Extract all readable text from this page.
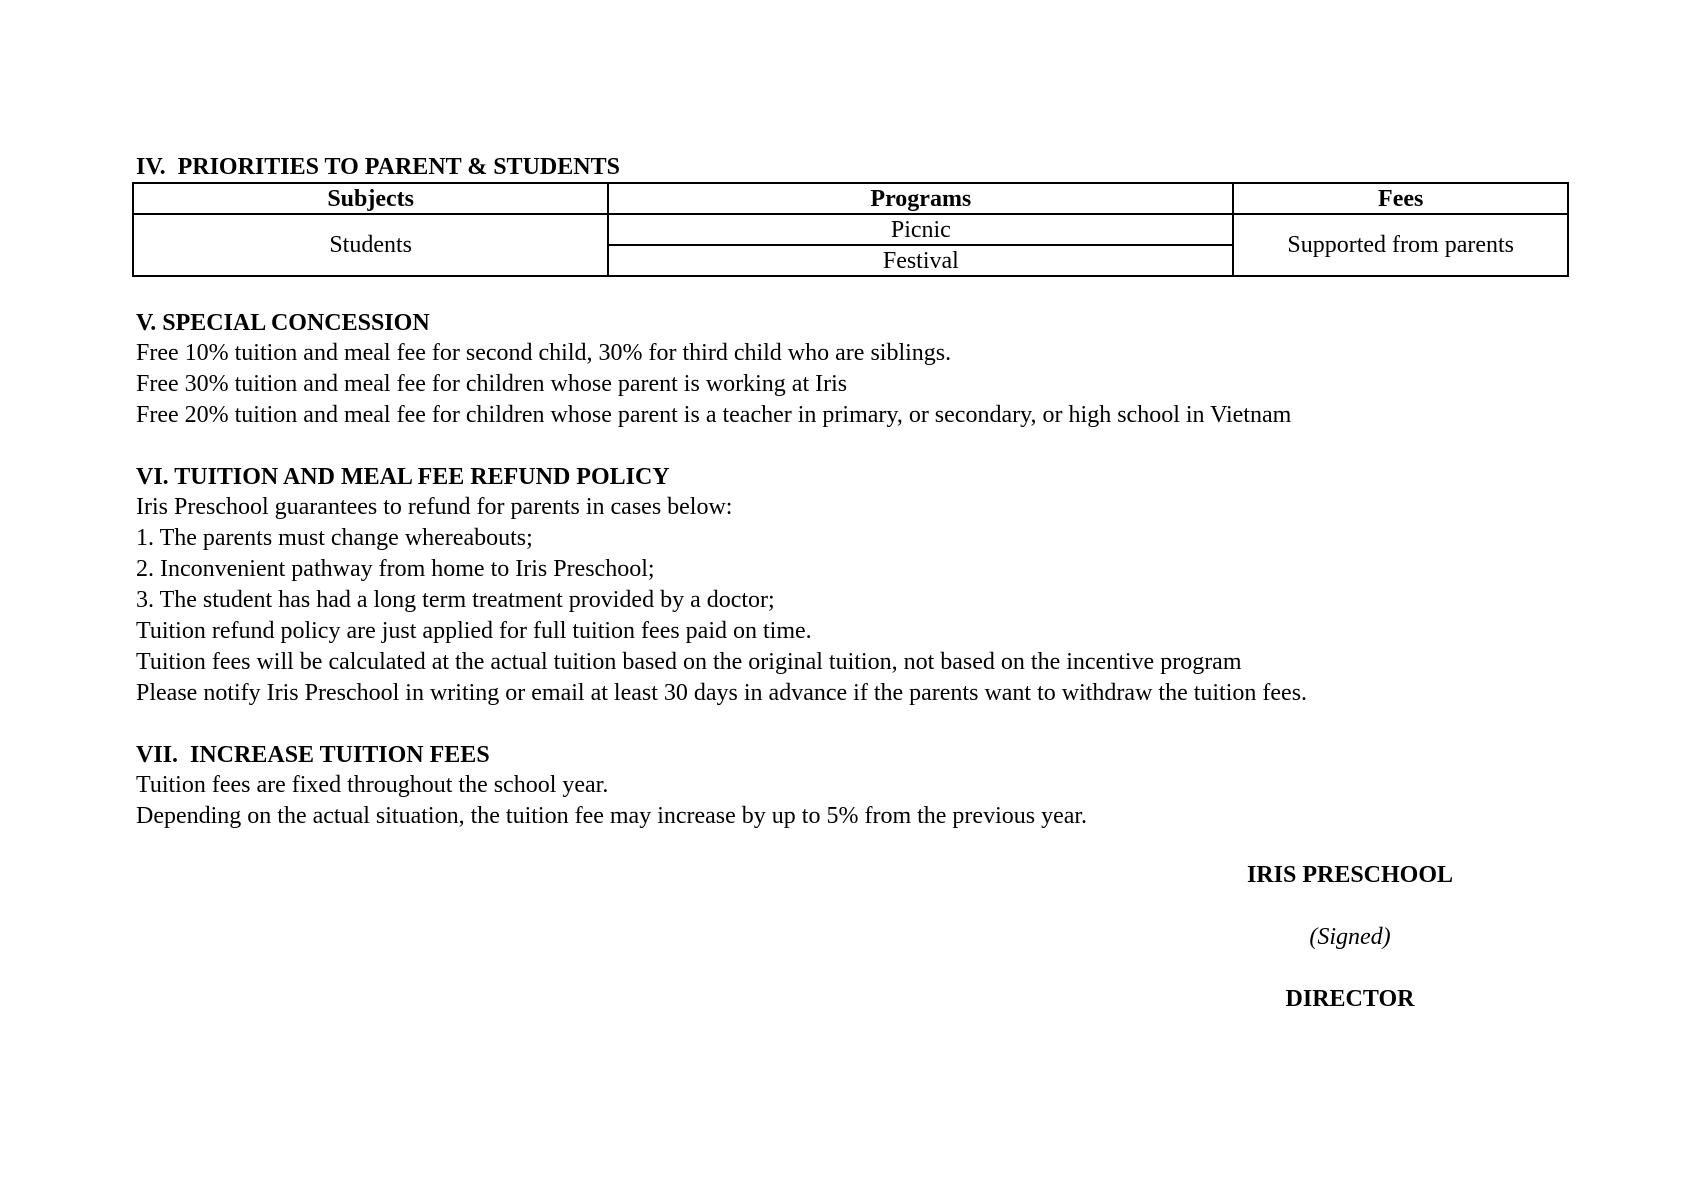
IV.  PRIORITIES TO PARENT & STUDENTS
Subjects	Programs	Fees
Students	Picnic	Supported from parents
	Festival	
V. SPECIAL CONCESSION

Free 10% tuition and meal fee for second child, 30% for third child who are siblings.

Free 30% tuition and meal fee for children whose parent is working at Iris

Free 20% tuition and meal fee for children whose parent is a teacher in primary, or secondary, or high school in Vietnam

VI. TUITION AND MEAL FEE REFUND POLICY

Iris Preschool guarantees to refund for parents in cases below:

1. The parents must change whereabouts;

2. Inconvenient pathway from home to Iris Preschool;

3. The student has had a long term treatment provided by a doctor;

Tuition refund policy are just applied for full tuition fees paid on time.

Tuition fees will be calculated at the actual tuition based on the original tuition, not based on the incentive program

Please notify Iris Preschool in writing or email at least 30 days in advance if the parents want to withdraw the tuition fees.

VII.  INCREASE TUITION FEES

Tuition fees are fixed throughout the school year.

Depending on the actual situation, the tuition fee may increase by up to 5% from the previous year.

IRIS PRESCHOOL
(Signed)
DIRECTOR
